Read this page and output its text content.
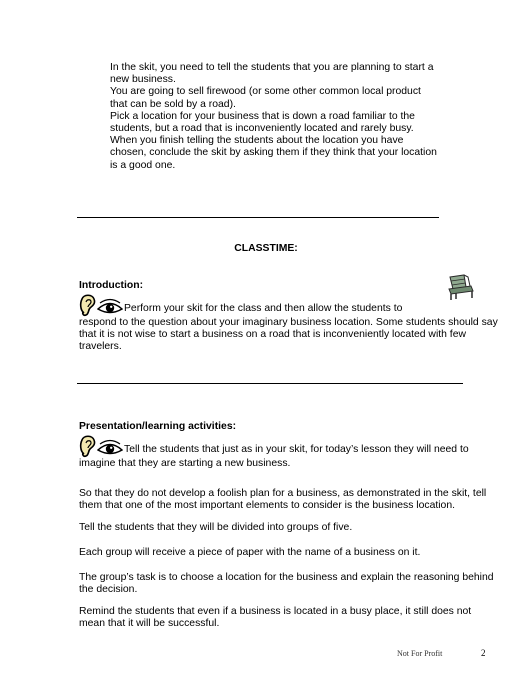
In the skit, you need to tell the students that you are planning to start a

new business.

You are going to sell firewood (or some other common local product

that can be sold by a road).

Pick a location for your business that is down a road familiar to the

students, but a road that is inconveniently located and rarely busy.

When you finish telling the students about the location you have

chosen, conclude the skit by asking them if they think that your location

is a good one.

CLASSTIME:
Introduction:

Perform your skit for the class and then allow the students to
respond to the question about your imaginary business location. Some students should say that it is not wise to start a business on a road that is inconveniently located with few travelers.

Presentation/learning activities:

Tell the students that just as in your skit, for today’s lesson they will need to
imagine that they are starting a new business.

So that they do not develop a foolish plan for a business, as demonstrated in the skit, tell them that one of the most important elements to consider is the business location.

Tell the students that they will be divided into groups of five.

Each group will receive a piece of paper with the name of a business on it.

The group’s task is to choose a location for the business and explain the reasoning behind the decision.

Remind the students that even if a business is located in a busy place, it still does not mean that it will be successful.

Not For Profit	2
